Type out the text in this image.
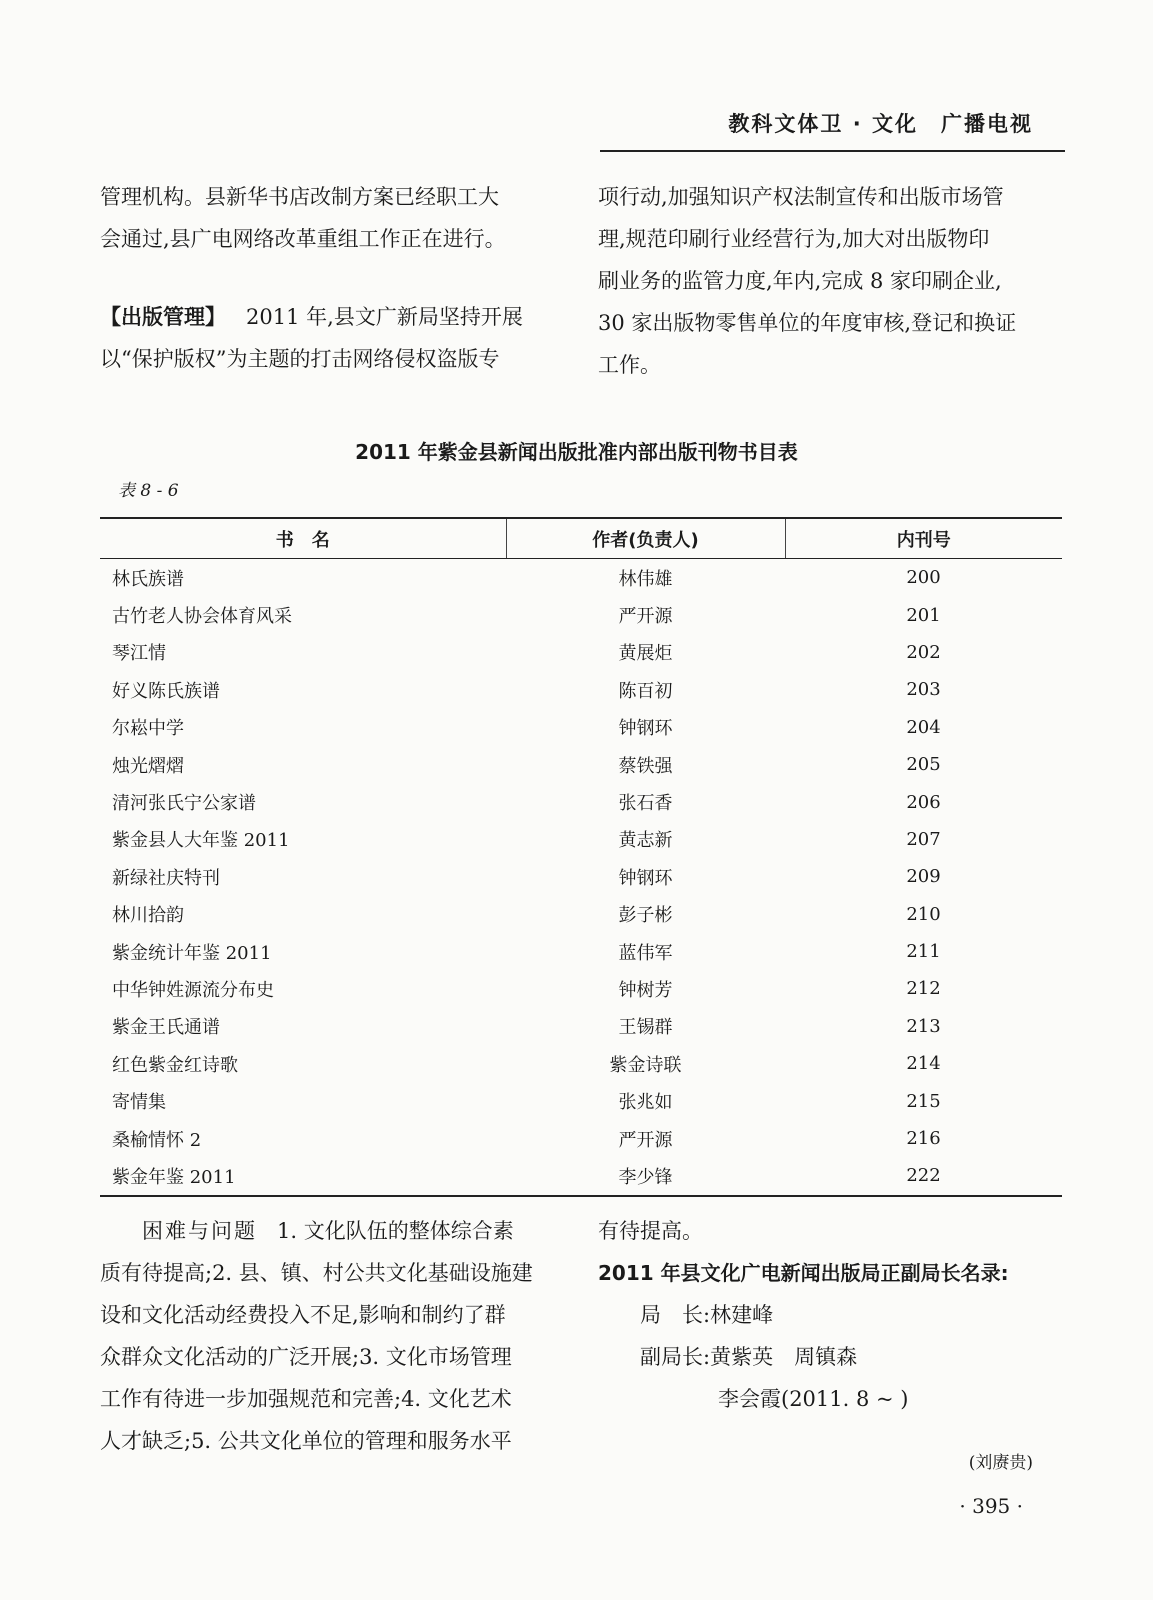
教科文体卫 · 文化　广播电视

管理机构。县新华书店改制方案已经职工大

会通过,县广电网络改革重组工作正在进行。

【出版管理】 2011 年,县文广新局坚持开展

以“保护版权”为主题的打击网络侵权盗版专

项行动,加强知识产权法制宣传和出版市场管

理,规范印刷行业经营行为,加大对出版物印

刷业务的监管力度,年内,完成 8 家印刷企业,

30 家出版物零售单位的年度审核,登记和换证

工作。

2011 年紫金县新闻出版批准内部出版刊物书目表
表 8 - 6
书　名	作者(负责人)	内刊号
林氏族谱	林伟雄	200
古竹老人协会体育风采	严开源	201
琴江情	黄展炬	202
好义陈氏族谱	陈百初	203
尔崧中学	钟钢环	204
烛光熠熠	蔡铁强	205
清河张氏宁公家谱	张石香	206
紫金县人大年鉴 2011	黄志新	207
新绿社庆特刊	钟钢环	209
林川拾韵	彭子彬	210
紫金统计年鉴 2011	蓝伟军	211
中华钟姓源流分布史	钟树芳	212
紫金王氏通谱	王锡群	213
红色紫金红诗歌	紫金诗联	214
寄情集	张兆如	215
桑榆情怀 2	严开源	216
紫金年鉴 2011	李少锋	222

困难与问题 1. 文化队伍的整体综合素

质有待提高;2. 县、镇、村公共文化基础设施建

设和文化活动经费投入不足,影响和制约了群

众群众文化活动的广泛开展;3. 文化市场管理

工作有待进一步加强规范和完善;4. 文化艺术

人才缺乏;5. 公共文化单位的管理和服务水平

有待提高。

2011 年县文化广电新闻出版局正副局长名录:

局　长:林建峰

副局长:黄紫英　周镇森

李会霞(2011. 8 ~ )

(刘赓贵)
· 395 ·
